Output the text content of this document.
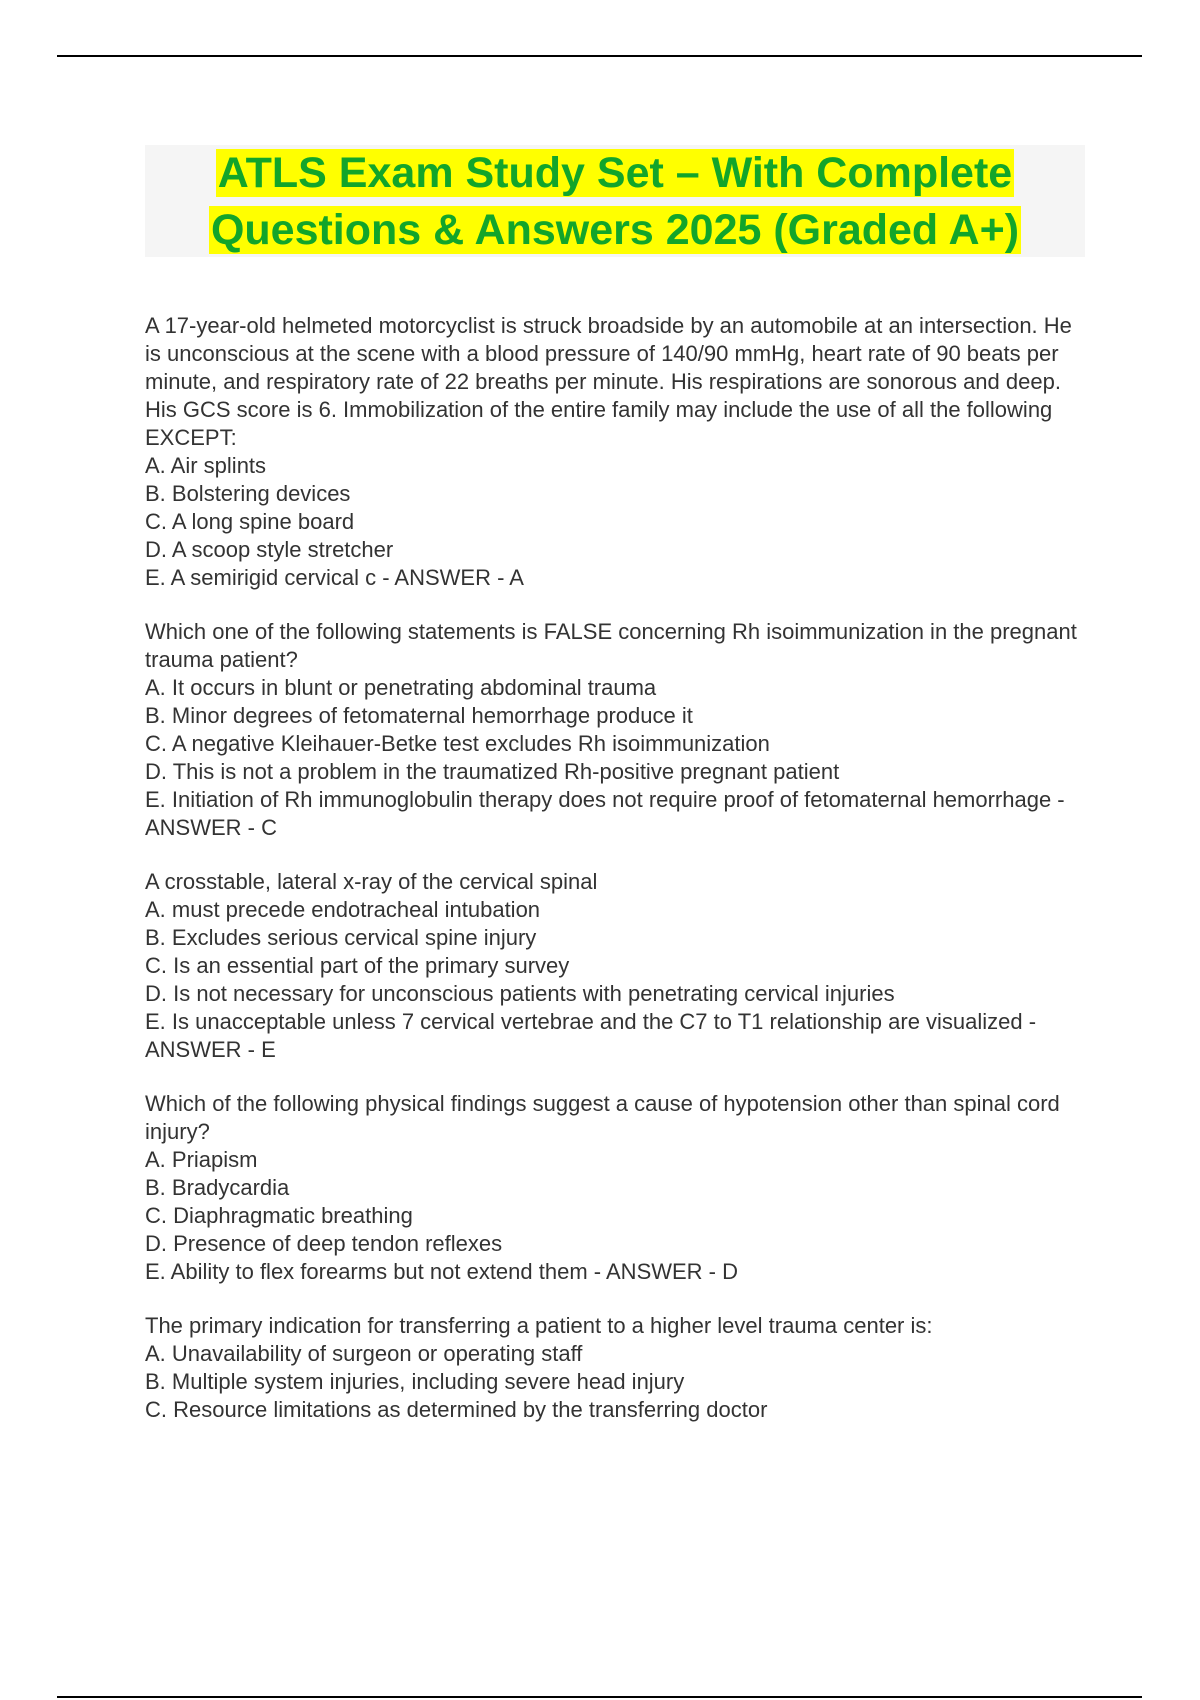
ATLS Exam Study Set – With Complete
Questions & Answers 2025 (Graded A+)

A 17-year-old helmeted motorcyclist is struck broadside by an automobile at an intersection. He is unconscious at the scene with a blood pressure of 140/90 mmHg, heart rate of 90 beats per minute, and respiratory rate of 22 breaths per minute. His respirations are sonorous and deep. His GCS score is 6. Immobilization of the entire family may include the use of all the following EXCEPT:

A. Air splints

B. Bolstering devices

C. A long spine board

D. A scoop style stretcher

E. A semirigid cervical c - ANSWER - A

Which one of the following statements is FALSE concerning Rh isoimmunization in the pregnant trauma patient?

A. It occurs in blunt or penetrating abdominal trauma

B. Minor degrees of fetomaternal hemorrhage produce it

C. A negative Kleihauer-Betke test excludes Rh isoimmunization

D. This is not a problem in the traumatized Rh-positive pregnant patient

E. Initiation of Rh immunoglobulin therapy does not require proof of fetomaternal hemorrhage - ANSWER - C

A crosstable, lateral x-ray of the cervical spinal

A. must precede endotracheal intubation

B. Excludes serious cervical spine injury

C. Is an essential part of the primary survey

D. Is not necessary for unconscious patients with penetrating cervical injuries

E. Is unacceptable unless 7 cervical vertebrae and the C7 to T1 relationship are visualized - ANSWER - E

Which of the following physical findings suggest a cause of hypotension other than spinal cord injury?

A. Priapism

B. Bradycardia

C. Diaphragmatic breathing

D. Presence of deep tendon reflexes

E. Ability to flex forearms but not extend them - ANSWER - D

The primary indication for transferring a patient to a higher level trauma center is:

A. Unavailability of surgeon or operating staff

B. Multiple system injuries, including severe head injury

C. Resource limitations as determined by the transferring doctor
